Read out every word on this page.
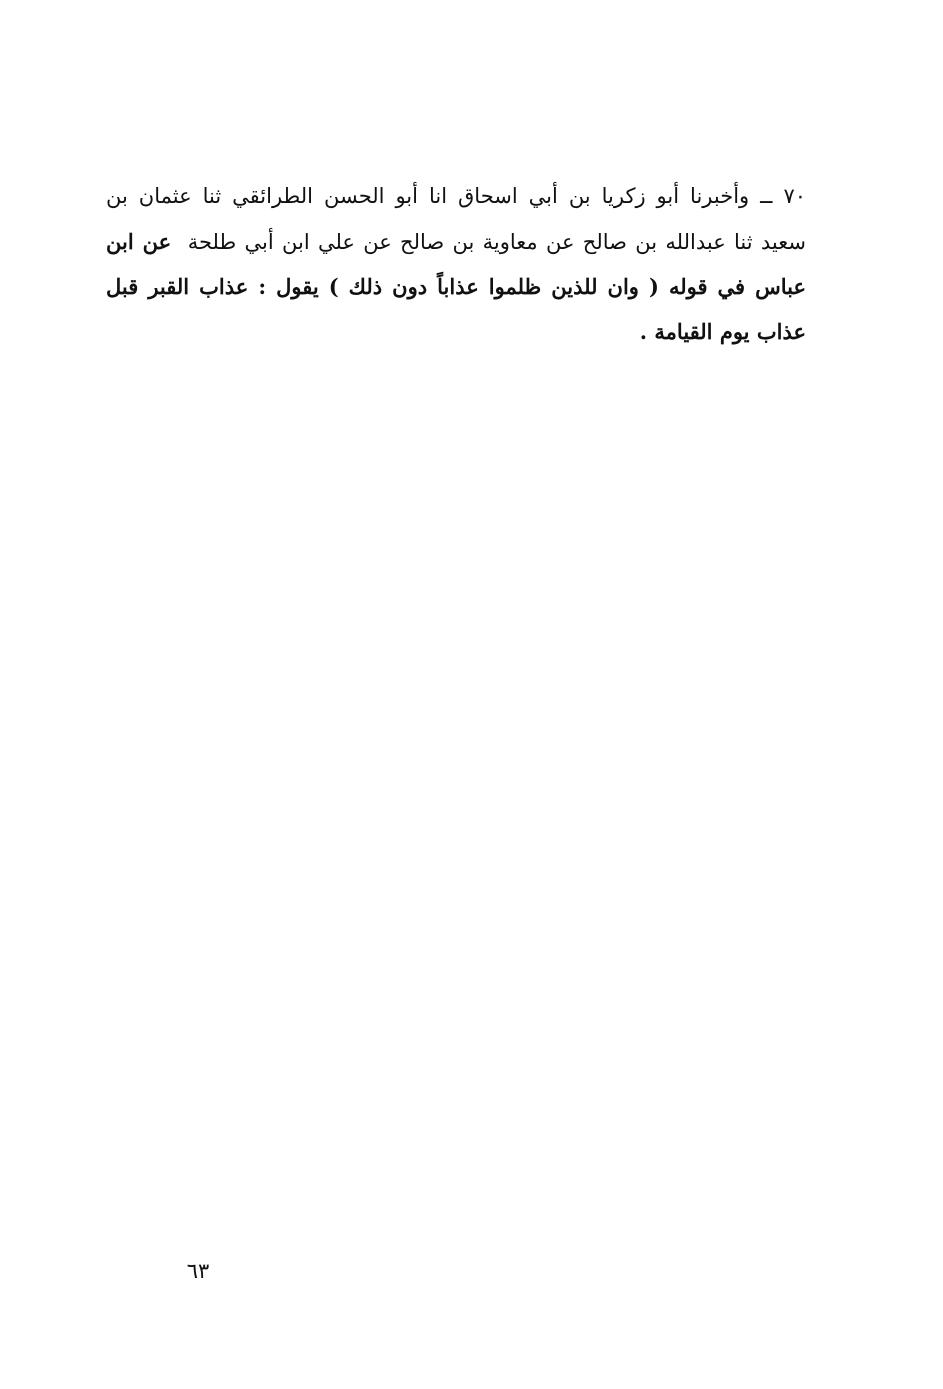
٧٠ ــ وأخبرنا أبو زكريا بن أبي اسحاق انا أبو الحسن الطرائقي ثنا عثمان بن
سعيد ثنا عبدالله بن صالح عن معاوية بن صالح عن علي ابن أبي طلحة  عن ابن
عباس في قوله ( وان للذين ظلموا عذاباً دون ذلك ) يقول : عذاب القبر قبل
عذاب يوم القيامة .
٦٣
